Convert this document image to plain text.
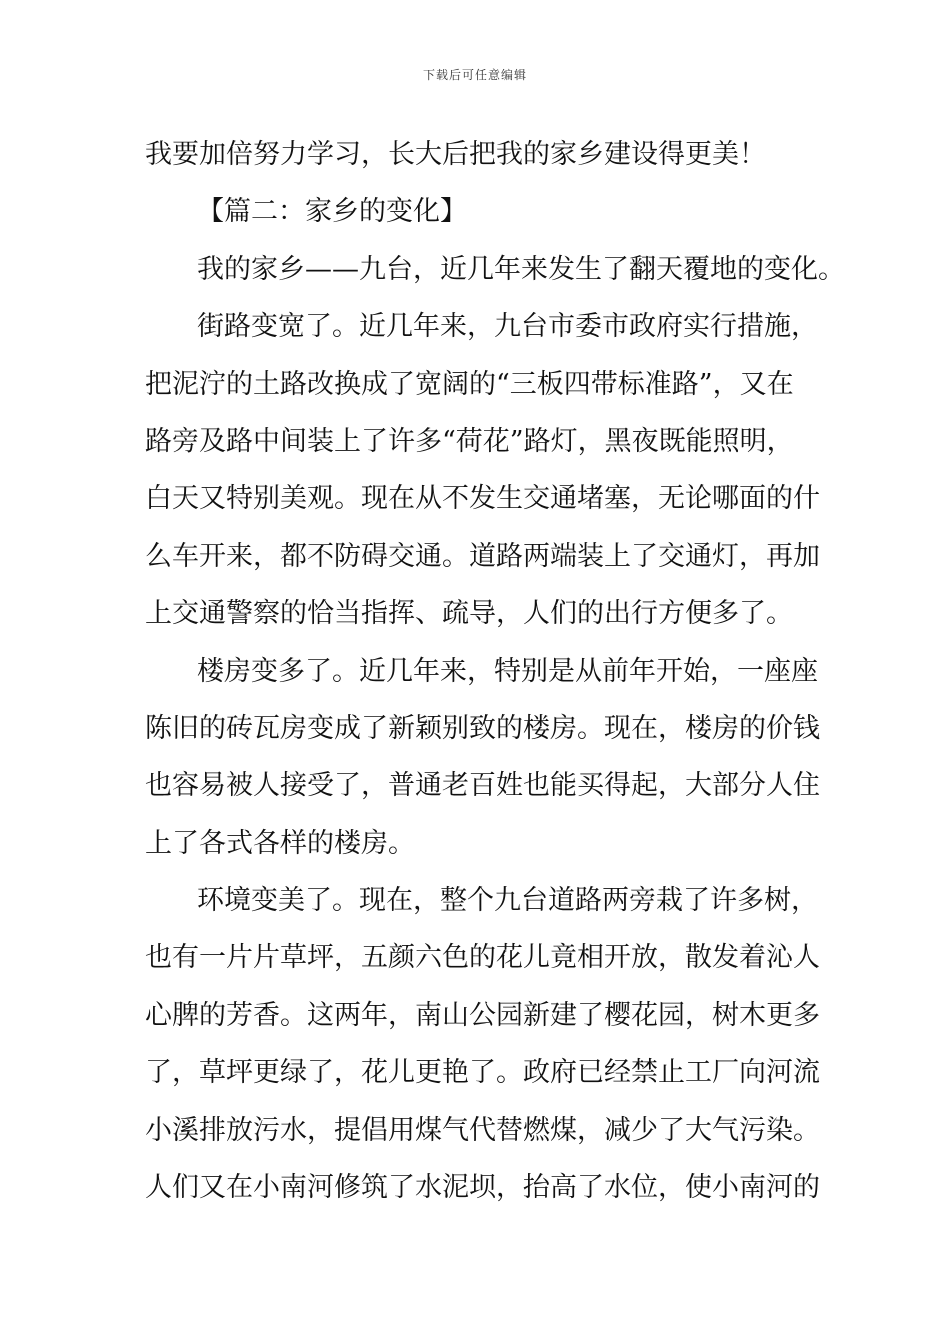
下载后可任意编辑
我要加倍努力学习，长大后把我的家乡建设得更美！
【篇二：家乡的变化】
我的家乡——九台，近几年来发生了翻天覆地的变化。
街路变宽了。近几年来，九台市委市政府实行措施，
把泥泞的土路改换成了宽阔的“三板四带标准路”，又在
路旁及路中间装上了许多“荷花”路灯，黑夜既能照明，
白天又特别美观。现在从不发生交通堵塞，无论哪面的什
么车开来，都不防碍交通。道路两端装上了交通灯，再加
上交通警察的恰当指挥、疏导，人们的出行方便多了。
楼房变多了。近几年来，特别是从前年开始，一座座
陈旧的砖瓦房变成了新颖别致的楼房。现在，楼房的价钱
也容易被人接受了，普通老百姓也能买得起，大部分人住
上了各式各样的楼房。
环境变美了。现在，整个九台道路两旁栽了许多树，
也有一片片草坪，五颜六色的花儿竟相开放，散发着沁人
心脾的芳香。这两年，南山公园新建了樱花园，树木更多
了，草坪更绿了，花儿更艳了。政府已经禁止工厂向河流
小溪排放污水，提倡用煤气代替燃煤，减少了大气污染。
人们又在小南河修筑了水泥坝，抬高了水位，使小南河的
